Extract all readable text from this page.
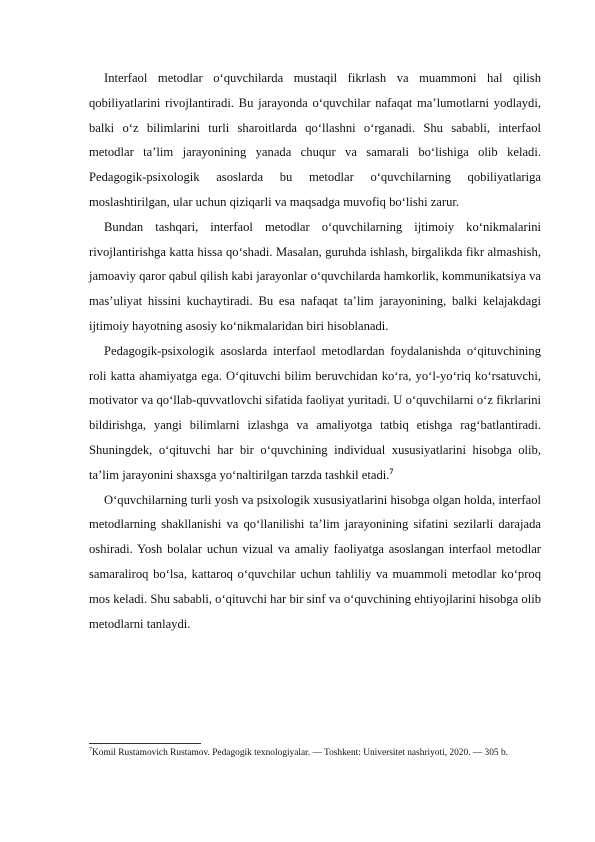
Interfaol metodlar o‘quvchilarda mustaqil fikrlash va muammoni hal qilish qobiliyatlarini rivojlantiradi. Bu jarayonda o‘quvchilar nafaqat ma’lumotlarni yodlaydi, balki o‘z bilimlarini turli sharoitlarda qo‘llashni o‘rganadi. Shu sababli, interfaol metodlar ta’lim jarayonining yanada chuqur va samarali bo‘lishiga olib keladi. Pedagogik-psixologik asoslarda bu metodlar o‘quvchilarning qobiliyatlariga moslashtirilgan, ular uchun qiziqarli va maqsadga muvofiq bo‘lishi zarur.

Bundan tashqari, interfaol metodlar o‘quvchilarning ijtimoiy ko‘nikmalarini rivojlantirishga katta hissa qo‘shadi. Masalan, guruhda ishlash, birgalikda fikr almashish, jamoaviy qaror qabul qilish kabi jarayonlar o‘quvchilarda hamkorlik, kommunikatsiya va mas’uliyat hissini kuchaytiradi. Bu esa nafaqat ta’lim jarayonining, balki kelajakdagi ijtimoiy hayotning asosiy ko‘nikmalaridan biri hisoblanadi.

Pedagogik-psixologik asoslarda interfaol metodlardan foydalanishda o‘qituvchining roli katta ahamiyatga ega. O‘qituvchi bilim beruvchidan ko‘ra, yo‘l-yo‘riq ko‘rsatuvchi, motivator va qo‘llab-quvvatlovchi sifatida faoliyat yuritadi. U o‘quvchilarni o‘z fikrlarini bildirishga, yangi bilimlarni izlashga va amaliyotga tatbiq etishga rag‘batlantiradi. Shuningdek, o‘qituvchi har bir o‘quvchining individual xususiyatlarini hisobga olib, ta’lim jarayonini shaxsga yo‘naltirilgan tarzda tashkil etadi.$^7$

O‘quvchilarning turli yosh va psixologik xususiyatlarini hisobga olgan holda, interfaol metodlarning shakllanishi va qo‘llanilishi ta’lim jarayonining sifatini sezilarli darajada oshiradi. Yosh bolalar uchun vizual va amaliy faoliyatga asoslangan interfaol metodlar samaraliroq bo‘lsa, kattaroq o‘quvchilar uchun tahliliy va muammoli metodlar ko‘proq mos keladi. Shu sababli, o‘qituvchi har bir sinf va o‘quvchining ehtiyojlarini hisobga olib metodlarni tanlaydi.

$^7$Komil Rustamovich Rustamov. Pedagogik texnologiyalar. — Toshkent: Universitet nashriyoti, 2020. — 305 b.
